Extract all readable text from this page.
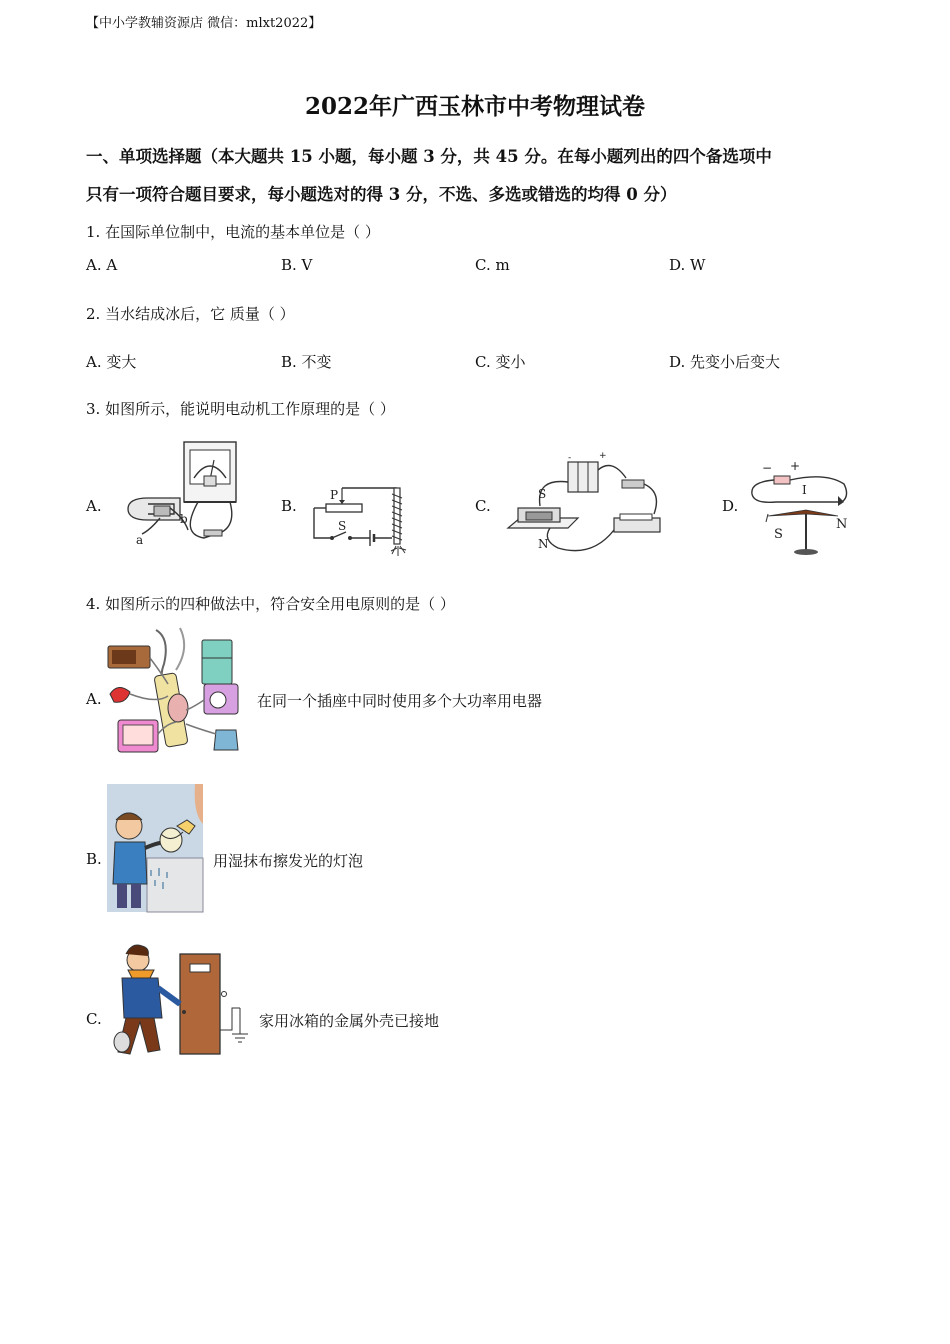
【中小学教辅资源店 微信：mlxt2022】
2022年广西玉林市中考物理试卷
一、单项选择题（本大题共 15 小题，每小题 3 分，共 45 分。在每小题列出的四个备选项中
只有一项符合题目要求，每小题选对的得 3 分，不选、多选或错选的均得 0 分）
1. 在国际单位制中，电流的基本单位是（ ）
A. A	B. V	C. m	D. W
2. 当水结成冰后，它 质量（ ）
A. 变大	B. 不变	C. 变小	D. 先变小后变大
3. 如图所示，能说明电动机工作原理的是（ ）
A.
b
a
B.
P
S
C.
-	+
S
N
D.
− +
I
S
N
4. 如图所示的四种做法中，符合安全用电原则的是（ ）
A.	在同一个插座中同时使用多个大功率用电器
B.	用湿抹布擦发光的灯泡
C.	家用冰箱的金属外壳已接地
